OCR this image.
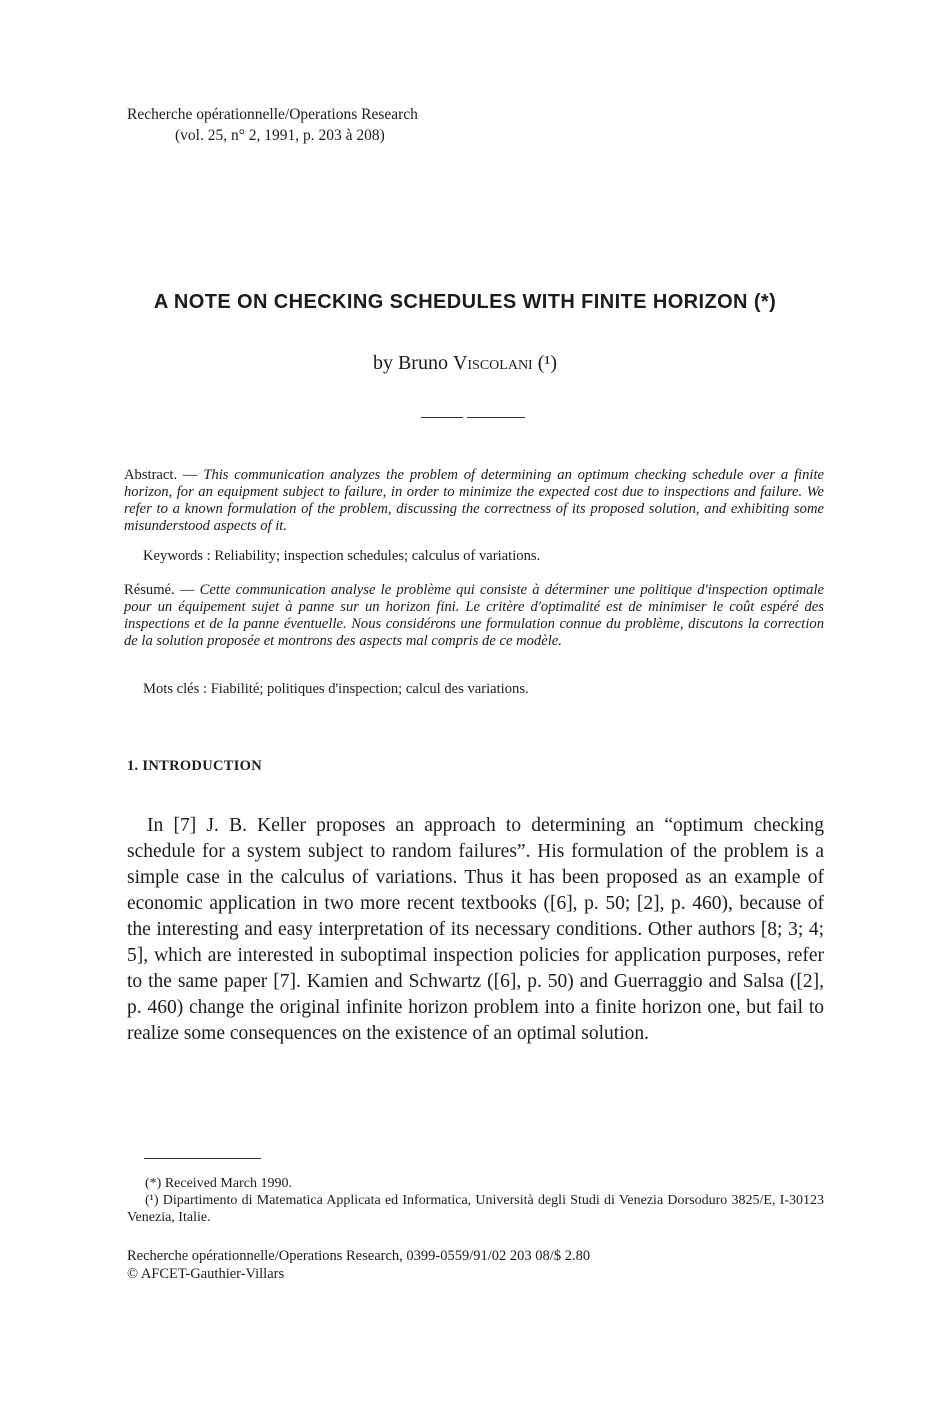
Recherche opérationnelle/Operations Research
(vol. 25, n° 2, 1991, p. 203 à 208)
A NOTE ON CHECKING SCHEDULES WITH FINITE HORIZON (*)
by Bruno Viscolani (¹)
Abstract. — This communication analyzes the problem of determining an optimum checking schedule over a finite horizon, for an equipment subject to failure, in order to minimize the expected cost due to inspections and failure. We refer to a known formulation of the problem, discussing the correctness of its proposed solution, and exhibiting some misunderstood aspects of it.
Keywords : Reliability; inspection schedules; calculus of variations.
Résumé. — Cette communication analyse le problème qui consiste à déterminer une politique d'inspection optimale pour un équipement sujet à panne sur un horizon fini. Le critère d'optimalité est de minimiser le coût espéré des inspections et de la panne éventuelle. Nous considérons une formulation connue du problème, discutons la correction de la solution proposée et montrons des aspects mal compris de ce modèle.
Mots clés : Fiabilité; politiques d'inspection; calcul des variations.
1. INTRODUCTION
In [7] J. B. Keller proposes an approach to determining an “optimum checking schedule for a system subject to random failures”. His formulation of the problem is a simple case in the calculus of variations. Thus it has been proposed as an example of economic application in two more recent textbooks ([6], p. 50; [2], p. 460), because of the interesting and easy interpretation of its necessary conditions. Other authors [8; 3; 4; 5], which are interested in suboptimal inspection policies for application purposes, refer to the same paper [7]. Kamien and Schwartz ([6], p. 50) and Guerraggio and Salsa ([2], p. 460) change the original infinite horizon problem into a finite horizon one, but fail to realize some consequences on the existence of an optimal solution.
(*) Received March 1990.
(¹) Dipartimento di Matematica Applicata ed Informatica, Università degli Studi di Venezia Dorsoduro 3825/E, I-30123 Venezia, Italie.
Recherche opérationnelle/Operations Research, 0399-0559/91/02 203 08/$ 2.80
© AFCET-Gauthier-Villars
